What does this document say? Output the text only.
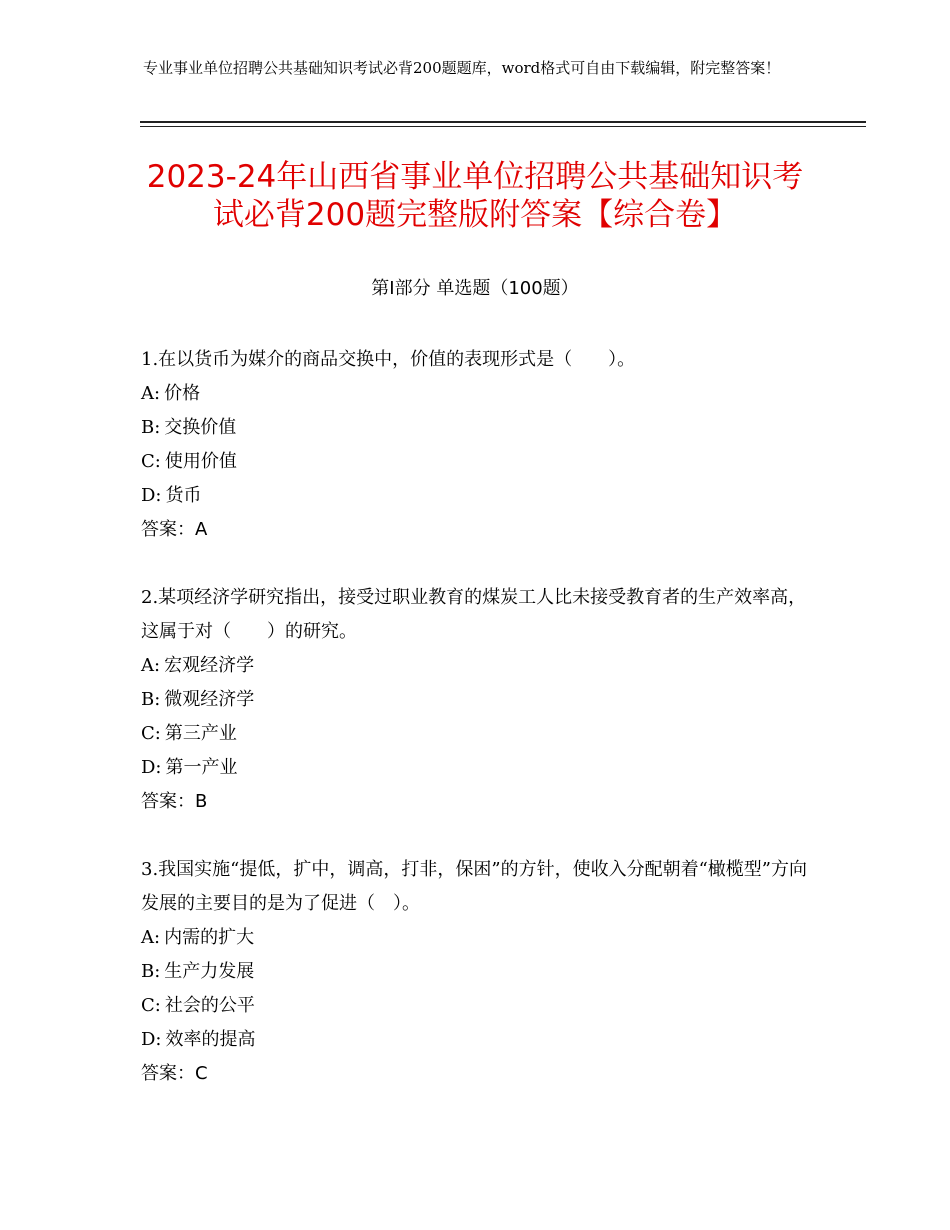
专业事业单位招聘公共基础知识考试必背200题题库，word格式可自由下载编辑，附完整答案！
2023-24年山西省事业单位招聘公共基础知识考试必背200题完整版附答案【综合卷】
第Ⅰ部分 单选题（100题）

1.在以货币为媒介的商品交换中，价值的表现形式是（　　）。

A: 价格

B: 交换价值

C: 使用价值

D: 货币

答案：A

2.某项经济学研究指出，接受过职业教育的煤炭工人比未接受教育者的生产效率高，这属于对（　　）的研究。

A: 宏观经济学

B: 微观经济学

C: 第三产业

D: 第一产业

答案：B

3.我国实施“提低，扩中，调高，打非，保困”的方针，使收入分配朝着“橄榄型”方向发展的主要目的是为了促进（　）。

A: 内需的扩大

B: 生产力发展

C: 社会的公平

D: 效率的提高

答案：C
